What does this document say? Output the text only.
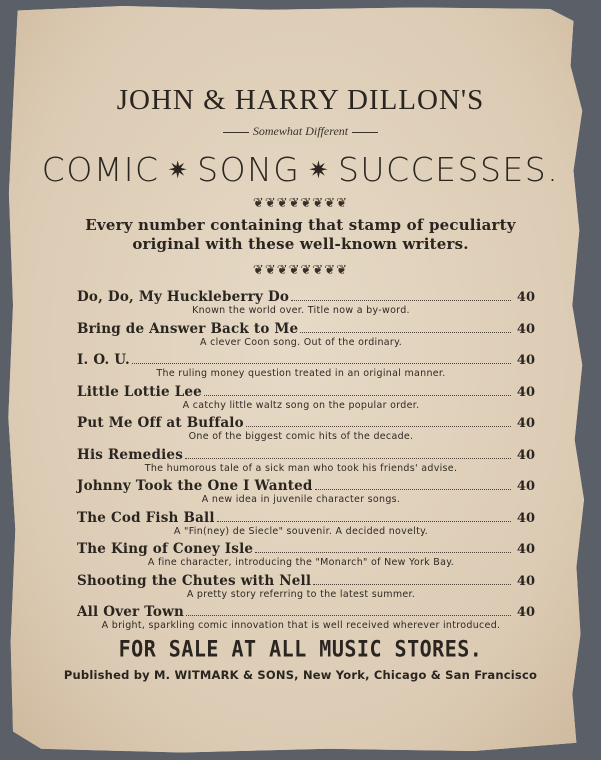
JOHN & HARRY DILLON'S
Somewhat Different
COMIC ✷ SONG ✷ SUCCESSES.
❦❦❦❦❦❦❦❦
Every number containing that stamp of peculiarty original with these well-known writers.
❦❦❦❦❦❦❦❦
Do, Do, My Huckleberry Do	40
Known the world over. Title now a by-word.
Bring de Answer Back to Me	40
A clever Coon song. Out of the ordinary.
I. O. U.	40
The ruling money question treated in an original manner.
Little Lottie Lee	40
A catchy little waltz song on the popular order.
Put Me Off at Buffalo	40
One of the biggest comic hits of the decade.
His Remedies	40
The humorous tale of a sick man who took his friends' advise.
Johnny Took the One I Wanted	40
A new idea in juvenile character songs.
The Cod Fish Ball	40
A "Fin(ney) de Siecle" souvenir. A decided novelty.
The King of Coney Isle	40
A fine character, introducing the "Monarch" of New York Bay.
Shooting the Chutes with Nell	40
A pretty story referring to the latest summer.
All Over Town	40
A bright, sparkling comic innovation that is well received wherever introduced.
FOR SALE AT ALL MUSIC STORES.
Published by M. WITMARK & SONS, New York, Chicago & San Francisco
